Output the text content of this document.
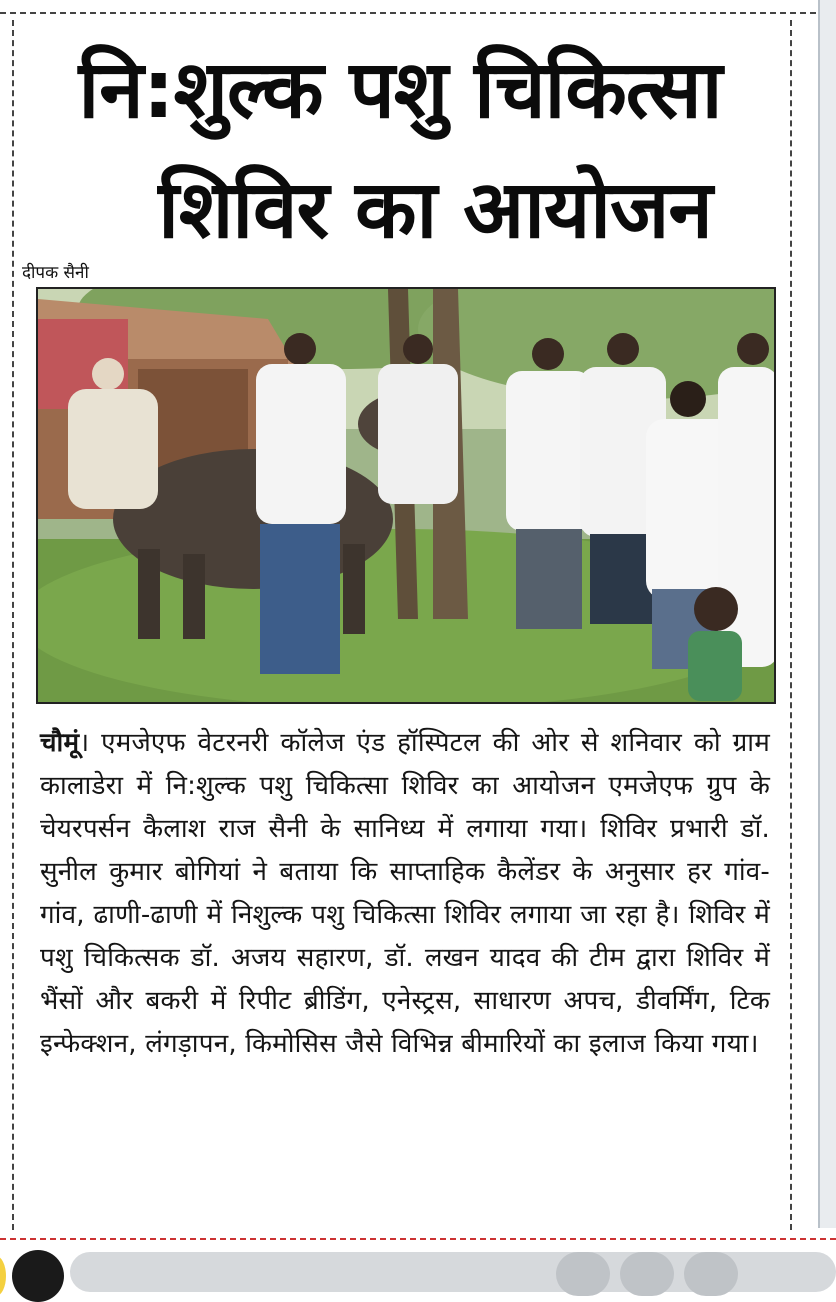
नि:शुल्क पशु चिकित्सा
शिविर का आयोजन
दीपक सैनी
चौमूं। एमजेएफ वेटरनरी कॉलेज एंड हॉस्पिटल की ओर से शनिवार को ग्राम कालाडेरा में नि:शुल्क पशु चिकित्सा शिविर का आयोजन एमजेएफ ग्रुप के चेयरपर्सन कैलाश राज सैनी के सानिध्य में लगाया गया। शिविर प्रभारी डॉ. सुनील कुमार बोगियां ने बताया कि साप्ताहिक कैलेंडर के अनुसार हर गांव- गांव, ढाणी-ढाणी में निशुल्क पशु चिकित्सा शिविर लगाया जा रहा है। शिविर में पशु चिकित्सक डॉ. अजय सहारण, डॉ. लखन यादव की टीम द्वारा शिविर में भैंसों और बकरी में रिपीट ब्रीडिंग, एनेस्ट्रस, साधारण अपच, डीवर्मिंग, टिक इन्फेक्शन, लंगड़ापन, किमोसिस जैसे विभिन्न बीमारियों का इलाज किया गया।
